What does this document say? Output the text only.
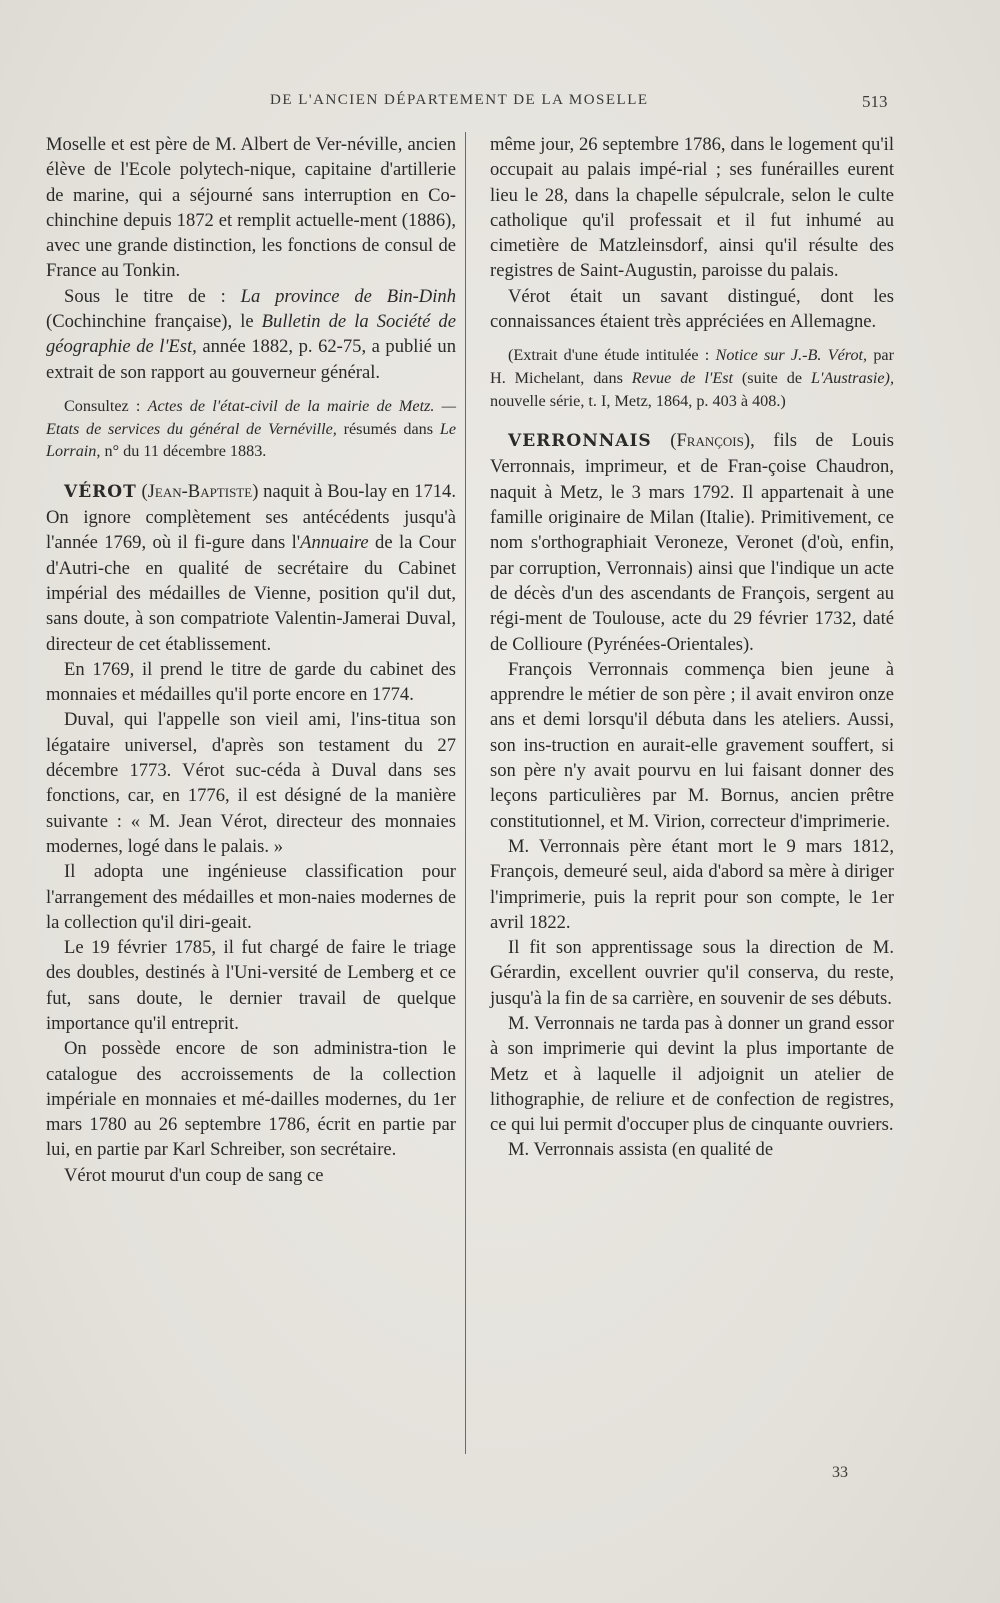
DE L'ANCIEN DÉPARTEMENT DE LA MOSELLE	513

Moselle et est père de M. Albert de Ver-néville, ancien élève de l'Ecole polytech-nique, capitaine d'artillerie de marine, qui a séjourné sans interruption en Co-chinchine depuis 1872 et remplit actuelle-ment (1886), avec une grande distinction, les fonctions de consul de France au Tonkin.

Sous le titre de : La province de Bin-Dinh (Cochinchine française), le Bulletin de la Société de géographie de l'Est, année 1882, p. 62-75, a publié un extrait de son rapport au gouverneur général.

Consultez : Actes de l'état-civil de la mairie de Metz. — Etats de services du général de Vernéville, résumés dans Le Lorrain, n° du 11 décembre 1883.

VÉROT (Jean-Baptiste) naquit à Bou-lay en 1714. On ignore complètement ses antécédents jusqu'à l'année 1769, où il fi-gure dans l'Annuaire de la Cour d'Autri-che en qualité de secrétaire du Cabinet impérial des médailles de Vienne, position qu'il dut, sans doute, à son compatriote Valentin-Jamerai Duval, directeur de cet établissement.

En 1769, il prend le titre de garde du cabinet des monnaies et médailles qu'il porte encore en 1774.

Duval, qui l'appelle son vieil ami, l'ins-titua son légataire universel, d'après son testament du 27 décembre 1773. Vérot suc-céda à Duval dans ses fonctions, car, en 1776, il est désigné de la manière suivante : « M. Jean Vérot, directeur des monnaies modernes, logé dans le palais. »

Il adopta une ingénieuse classification pour l'arrangement des médailles et mon-naies modernes de la collection qu'il diri-geait.

Le 19 février 1785, il fut chargé de faire le triage des doubles, destinés à l'Uni-versité de Lemberg et ce fut, sans doute, le dernier travail de quelque importance qu'il entreprit.

On possède encore de son administra-tion le catalogue des accroissements de la collection impériale en monnaies et mé-dailles modernes, du 1er mars 1780 au 26 septembre 1786, écrit en partie par lui, en partie par Karl Schreiber, son secrétaire.

Vérot mourut d'un coup de sang ce

même jour, 26 septembre 1786, dans le logement qu'il occupait au palais impé-rial ; ses funérailles eurent lieu le 28, dans la chapelle sépulcrale, selon le culte catholique qu'il professait et il fut inhumé au cimetière de Matzleinsdorf, ainsi qu'il résulte des registres de Saint-Augustin, paroisse du palais.

Vérot était un savant distingué, dont les connaissances étaient très appréciées en Allemagne.

(Extrait d'une étude intitulée : Notice sur J.-B. Vérot, par H. Michelant, dans Revue de l'Est (suite de L'Austrasie), nouvelle série, t. I, Metz, 1864, p. 403 à 408.)

VERRONNAIS (François), fils de Louis Verronnais, imprimeur, et de Fran-çoise Chaudron, naquit à Metz, le 3 mars 1792. Il appartenait à une famille originaire de Milan (Italie). Primitivement, ce nom s'orthographiait Veroneze, Veronet (d'où, enfin, par corruption, Verronnais) ainsi que l'indique un acte de décès d'un des ascendants de François, sergent au régi-ment de Toulouse, acte du 29 février 1732, daté de Collioure (Pyrénées-Orientales).

François Verronnais commença bien jeune à apprendre le métier de son père ; il avait environ onze ans et demi lorsqu'il débuta dans les ateliers. Aussi, son ins-truction en aurait-elle gravement souffert, si son père n'y avait pourvu en lui faisant donner des leçons particulières par M. Bornus, ancien prêtre constitutionnel, et M. Virion, correcteur d'imprimerie.

M. Verronnais père étant mort le 9 mars 1812, François, demeuré seul, aida d'abord sa mère à diriger l'imprimerie, puis la reprit pour son compte, le 1er avril 1822.

Il fit son apprentissage sous la direction de M. Gérardin, excellent ouvrier qu'il conserva, du reste, jusqu'à la fin de sa carrière, en souvenir de ses débuts.

M. Verronnais ne tarda pas à donner un grand essor à son imprimerie qui devint la plus importante de Metz et à laquelle il adjoignit un atelier de lithographie, de reliure et de confection de registres, ce qui lui permit d'occuper plus de cinquante ouvriers.

M. Verronnais assista (en qualité de

33
